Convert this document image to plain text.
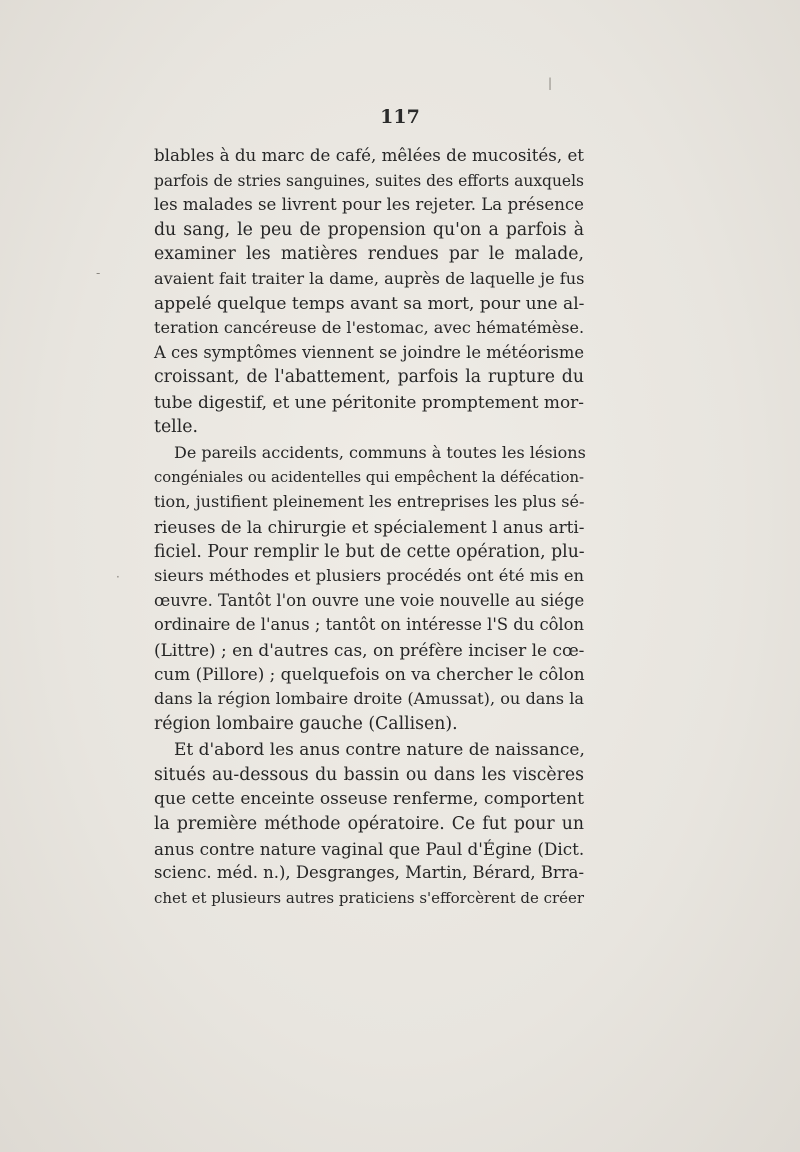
117
blables à du marc de café, mêlées de mucosités, et
parfois de stries sanguines, suites des efforts auxquels
les malades se livrent pour les rejeter. La présence
du sang, le peu de propension qu'on a parfois à
examiner les matières rendues par le malade,
avaient fait traiter la dame, auprès de laquelle je fus
appelé quelque temps avant sa mort, pour une al-
teration cancéreuse de l'estomac, avec hématémèse.
A ces symptômes viennent se joindre le météorisme
croissant, de l'abattement, parfois la rupture du
tube digestif, et une péritonite promptement mor-
telle.
De pareils accidents, communs à toutes les lésions
congéniales ou acidentelles qui empêchent la défécation-
tion, justifient pleinement les entreprises les plus sé-
rieuses de la chirurgie et spécialement l anus arti-
ficiel. Pour remplir le but de cette opération, plu-
sieurs méthodes et plusiers procédés ont été mis en
œuvre. Tantôt l'on ouvre une voie nouvelle au siége
ordinaire de l'anus ; tantôt on intéresse l'S du côlon
(Littre) ; en d'autres cas, on préfère inciser le cœ-
cum (Pillore) ; quelquefois on va chercher le côlon
dans la région lombaire droite (Amussat), ou dans la
région lombaire gauche (Callisen).
Et d'abord les anus contre nature de naissance,
situés au-dessous du bassin ou dans les viscères
que cette enceinte osseuse renferme, comportent
la première méthode opératoire. Ce fut pour un
anus contre nature vaginal que Paul d'Égine (Dict.
scienc. méd. n.), Desgranges, Martin, Bérard, Brra-
chet et plusieurs autres praticiens s'efforcèrent de créer
-
·
|
